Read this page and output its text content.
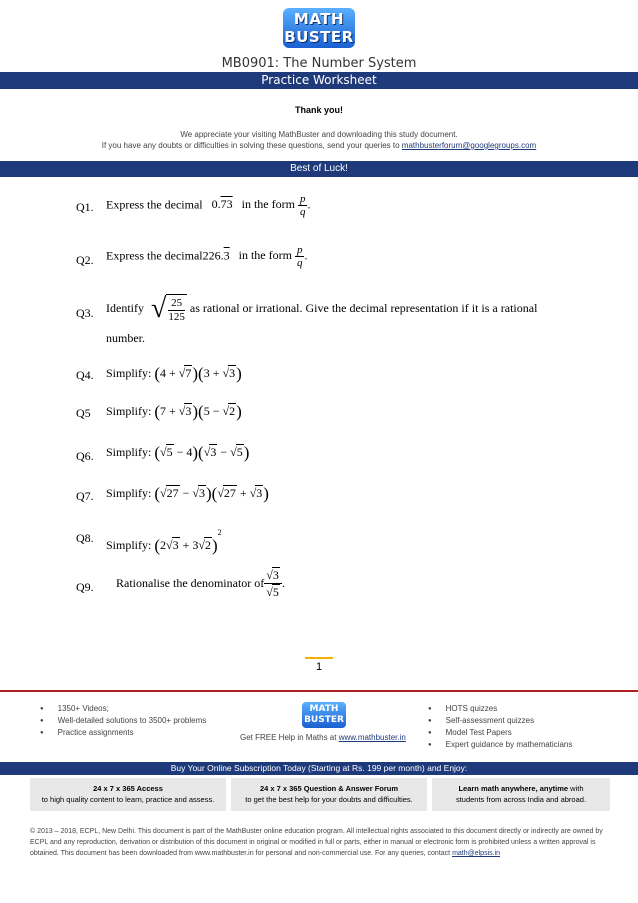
MATH
BUSTER
MB0901: The Number System
Practice Worksheet
Thank you!
We appreciate your visiting MathBuster and downloading this study document.
If you have any doubts or difficulties in solving these questions, send your queries to mathbusterforum@googlegroups.com
Best of Luck!
Q1. Express the decimal 0.73 in the form $\frac{p}{q}$ .
Q2. Express the decimal226.3 in the form $\frac{p}{q}$ .
Q3. Identify √ $\frac{25}{125}$ as rational or irrational. Give the decimal representation if it is a rational
number.
Q4. Simplify: (4 + √7)(3 + √3)
Q5 Simplify: (7 + √3)(5 − √2)
Q6. Simplify: (√5 − 4)(√3 − √5)
Q7. Simplify: (√27 − √3)(√27 + √3)
Q8. Simplify: $(2√3 + 3√2)^2$
Q9. Rationalise the denominator of $\frac{√3}{√5}$ .
1
● 1350+ Videos;
● Well-detailed solutions to 3500+ problems
● Practice assignments
MATH
BUSTER
Get FREE Help in Maths at www.mathbuster.in
● HOTS quizzes
● Self-assessment quizzes
● Model Test Papers
● Expert guidance by mathematicians
Buy Your Online Subscription Today (Starting at Rs. 199 per month) and Enjoy:
24 x 7 x 365 Access
to high quality content to learn, practice and assess.
24 x 7 x 365 Question & Answer Forum
to get the best help for your doubts and difficulties.
Learn math anywhere, anytime with
students from across India and abroad.
© 2013 – 2018, ECPL, New Delhi. This document is part of the MathBuster online education program. All intellectual rights associated to this document directly or indirectly are owned by ECPL and any reproduction, derivation or distribution of this document in original or modified in full or parts, either in manual or electronic form is prohibited unless a written approval is obtained. This document has been downloaded from www.mathbuster.in for personal and non-commercial use. For any queries, contact math@elpsis.in
